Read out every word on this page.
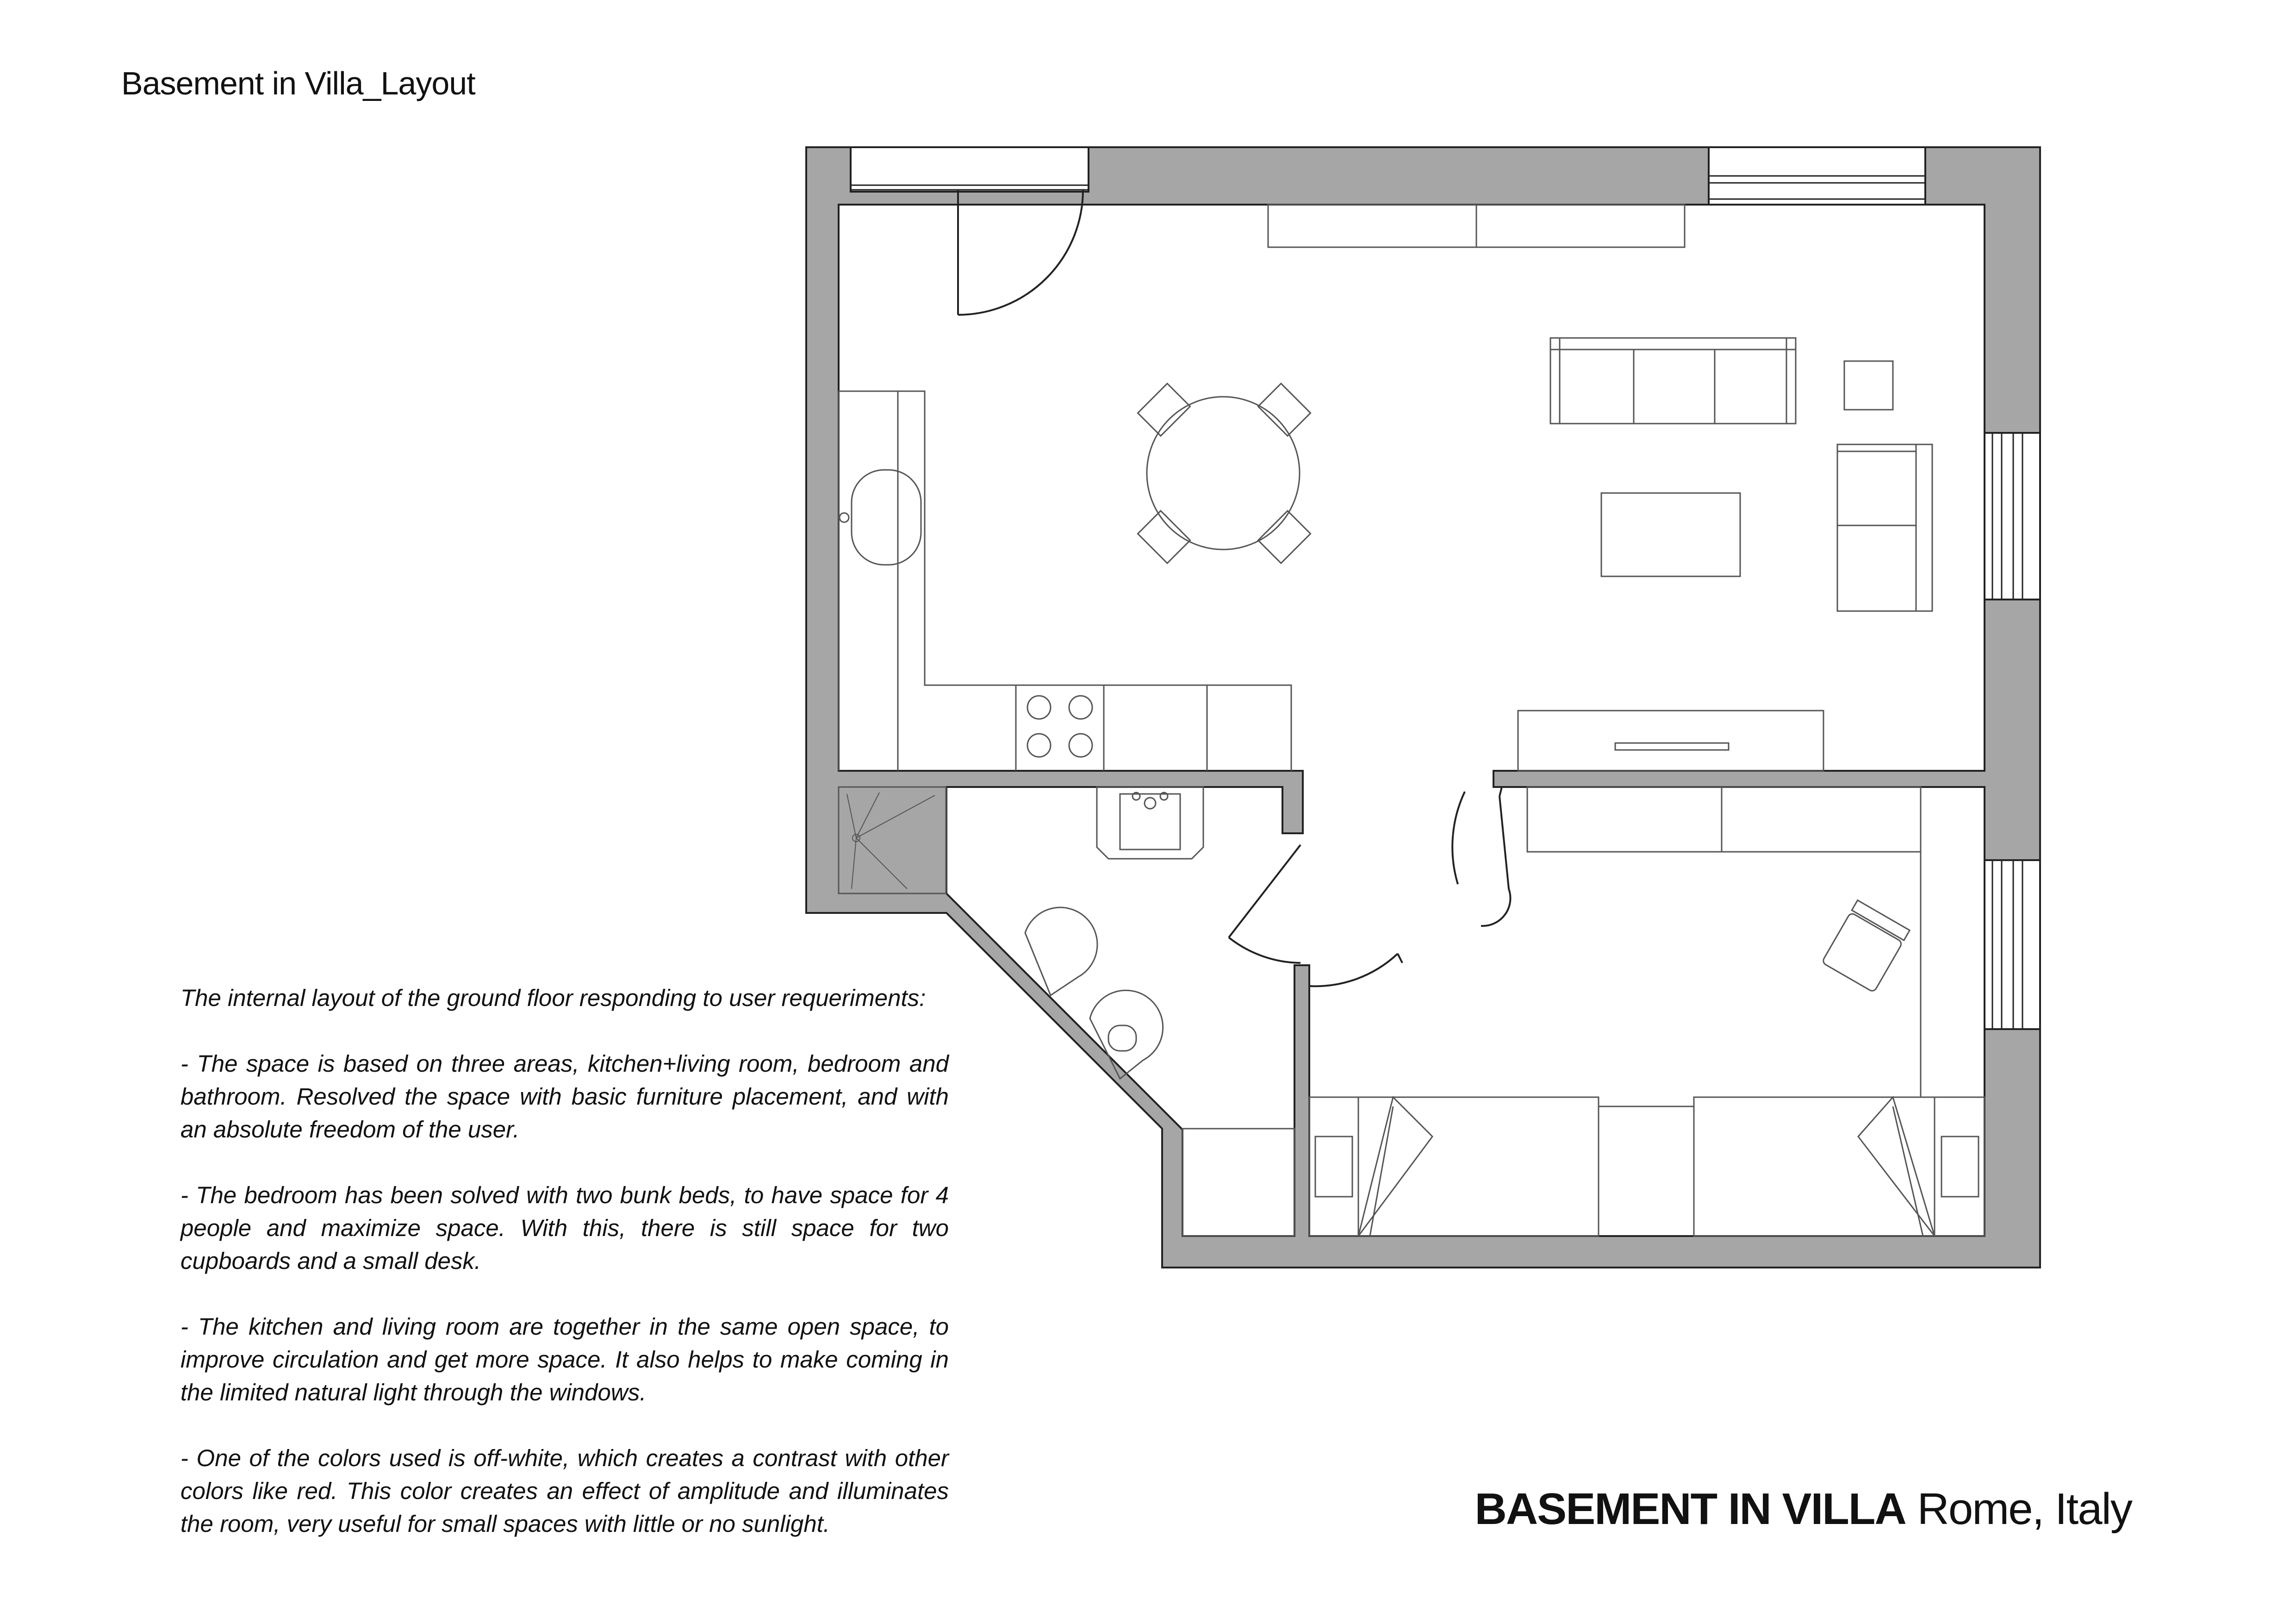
Basement in Villa_Layout

The internal layout of the ground floor responding to user requeriments:

- The space is based on three areas, kitchen+living room, bedroom and bathroom. Resolved the space with basic furniture placement, and with an absolute freedom of the user.

- The bedroom has been solved with two bunk beds, to have space for 4 people and maximize space. With this, there is still space for two cupboards and a small desk.

- The kitchen and living room are together in the same open space, to improve circulation and get more space. It also helps to make coming in the limited natural light through the windows.

- One of the colors used is off-white, which creates a contrast with other colors like red. This color creates an effect of amplitude and illuminates the room, very useful for small spaces with little or no sunlight.	BASEMENT IN VILLA Rome, Italy
